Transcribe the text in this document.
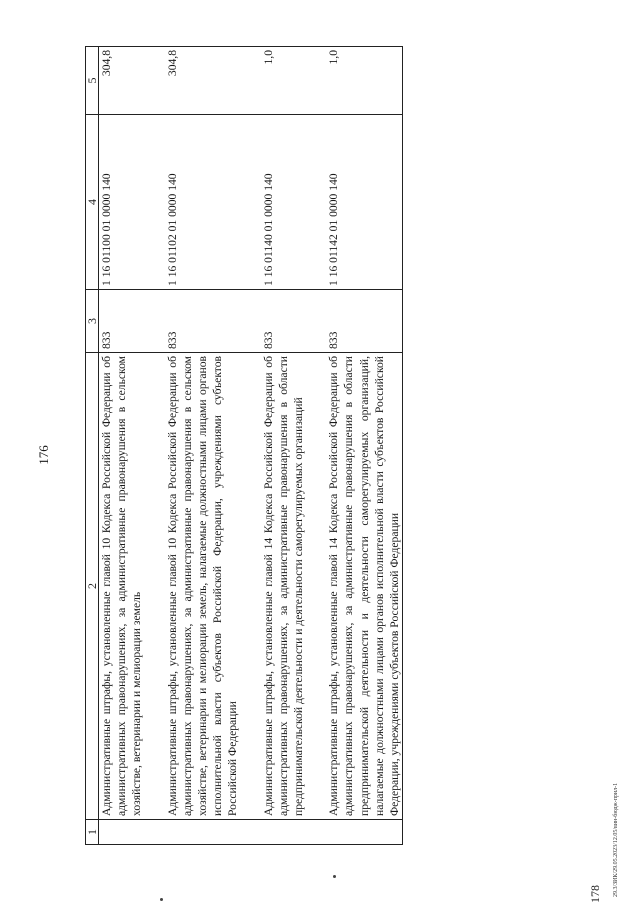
176
1	2	3	4	5
	Административные штрафы, установленные главой 10 Кодекса Российской Федерации об административных правонарушениях, за административные правонарушения в сельском хозяйстве, ветеринарии и мелиорации земель	833	1 16 01100 01 0000 140	304,8

	Административные штрафы, установленные главой 10 Кодекса Российской Федерации об административных правонарушениях, за административные правонарушения в сельском хозяйстве, ветеринарии и мелиорации земель, налагаемые должностными лицами органов исполнительной власти субъектов Российской Федерации, учреждениями субъектов Российской Федерации	833	1 16 01102 01 0000 140	304,8

	Административные штрафы, установленные главой 14 Кодекса Российской Федерации об административных правонарушениях, за административные правонарушения в области предпринимательской деятельности и деятельности саморегулируемых организаций	833	1 16 01140 01 0000 140	1,0

	Административные штрафы, установленные главой 14 Кодекса Российской Федерации об административных правонарушениях, за административные правонарушения в области предпринимательской деятельности и деятельности саморегулируемых организаций, налагаемые должностными лицами органов исполнительной власти субъектов Российской Федерации, учреждениями субъектов Российской Федерации	833	1 16 01142 01 0000 140	1,0
178 29.3/ЗИК/29.05.2023/12.05/вин-бюдж-прил-1
